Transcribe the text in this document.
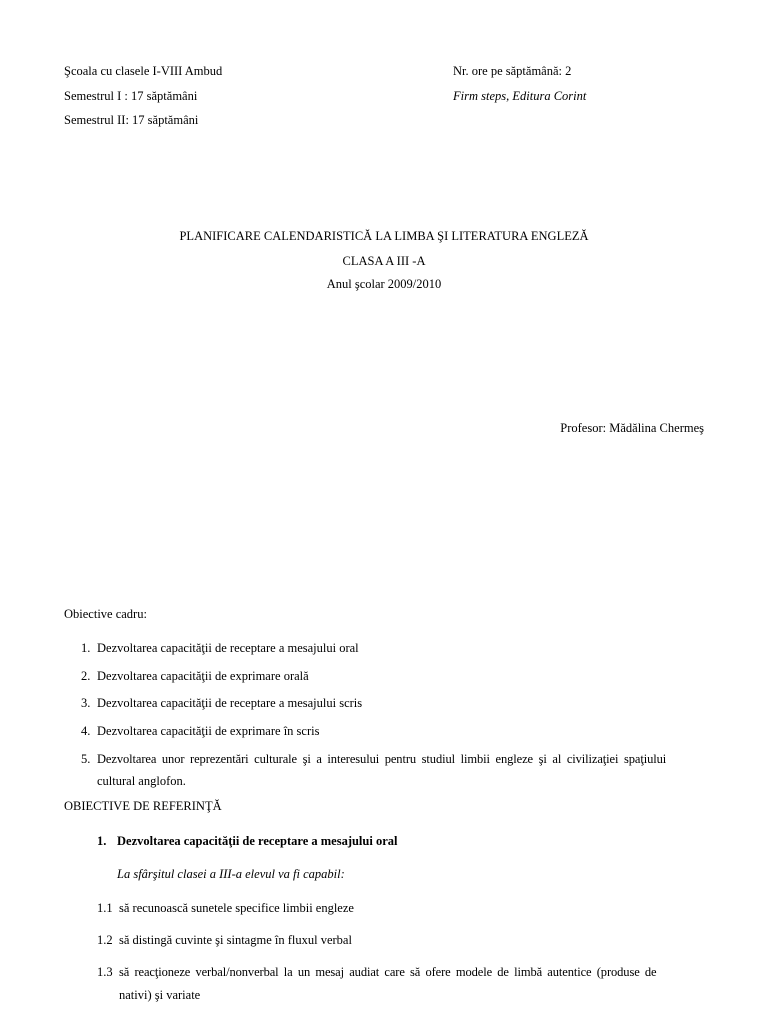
Şcoala cu clasele I-VIII Ambud
Semestrul I : 17 săptămâni
Semestrul II: 17 săptămâni
Nr. ore pe săptămână: 2
Firm steps, Editura Corint
PLANIFICARE CALENDARISTICĂ LA LIMBA ŞI LITERATURA ENGLEZĂ
CLASA A III -A
Anul şcolar 2009/2010
Profesor: Mădălina Chermeş
Obiective cadru:
1. Dezvoltarea capacităţii de receptare a mesajului oral
2. Dezvoltarea capacităţii de exprimare orală
3. Dezvoltarea capacităţii de receptare a mesajului scris
4. Dezvoltarea capacităţii de exprimare în scris
5. Dezvoltarea unor reprezentări culturale şi a interesului pentru studiul limbii engleze şi al civilizaţiei spaţiului
cultural anglofon.
OBIECTIVE DE REFERINŢĂ
1. Dezvoltarea capacităţii de receptare a mesajului oral
La sfârşitul clasei a III-a elevul va fi capabil:
1.1 să recunoască sunetele specifice limbii engleze
1.2 să distingă cuvinte şi sintagme în fluxul verbal
1.3 să reacţioneze verbal/nonverbal la un mesaj audiat care să ofere modele de limbă autentice (produse de
nativi) şi variate
